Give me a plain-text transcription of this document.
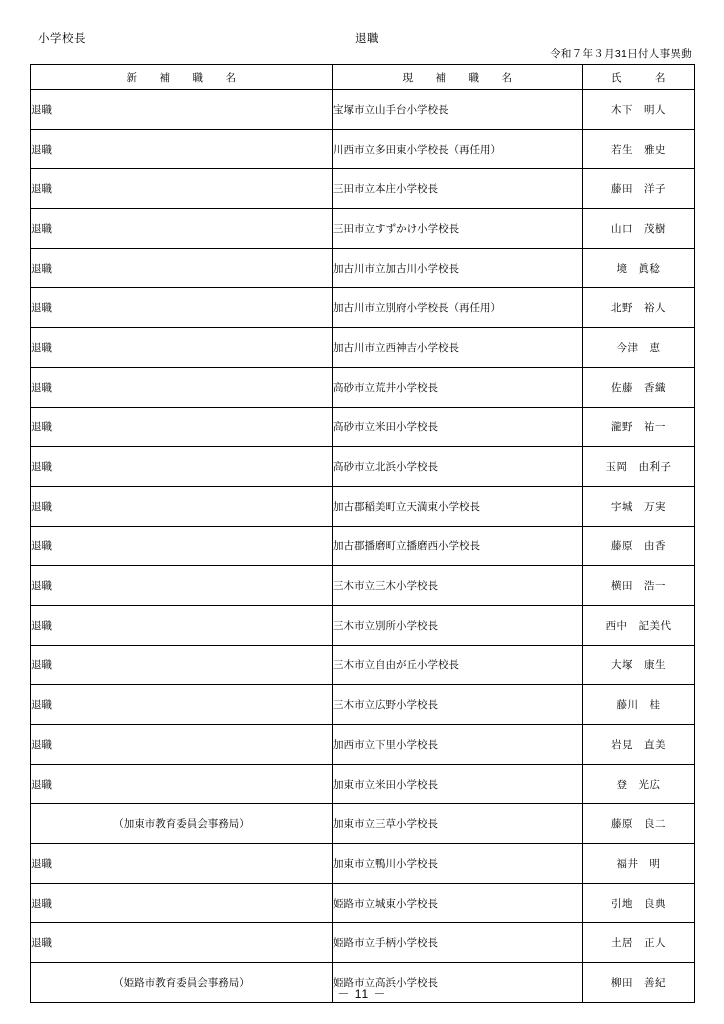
小学校長	退職
令和７年３月31日付人事異動
新　　補　　職　　名	現　　補　　職　　名	氏　　　名
退職	宝塚市立山手台小学校長	木下　明人
退職	川西市立多田東小学校長（再任用）	若生　雅史
退職	三田市立本庄小学校長	藤田　洋子
退職	三田市立すずかけ小学校長	山口　茂樹
退職	加古川市立加古川小学校長	境　眞稔
退職	加古川市立別府小学校長（再任用）	北野　裕人
退職	加古川市立西神吉小学校長	今津　恵
退職	高砂市立荒井小学校長	佐藤　香織
退職	高砂市立米田小学校長	瀧野　祐一
退職	高砂市立北浜小学校長	玉岡　由利子
退職	加古郡稲美町立天満東小学校長	宇城　万実
退職	加古郡播磨町立播磨西小学校長	藤原　由香
退職	三木市立三木小学校長	横田　浩一
退職	三木市立別所小学校長	西中　記美代
退職	三木市立自由が丘小学校長	大塚　康生
退職	三木市立広野小学校長	藤川　桂
退職	加西市立下里小学校長	岩見　直美
退職	加東市立米田小学校長	登　光広
（加東市教育委員会事務局）	加東市立三草小学校長	藤原　良二
退職	加東市立鴨川小学校長	福井　明
退職	姫路市立城東小学校長	引地　良典
退職	姫路市立手柄小学校長	土居　正人
（姫路市教育委員会事務局）	姫路市立高浜小学校長	柳田　善紀
－ 11 －
